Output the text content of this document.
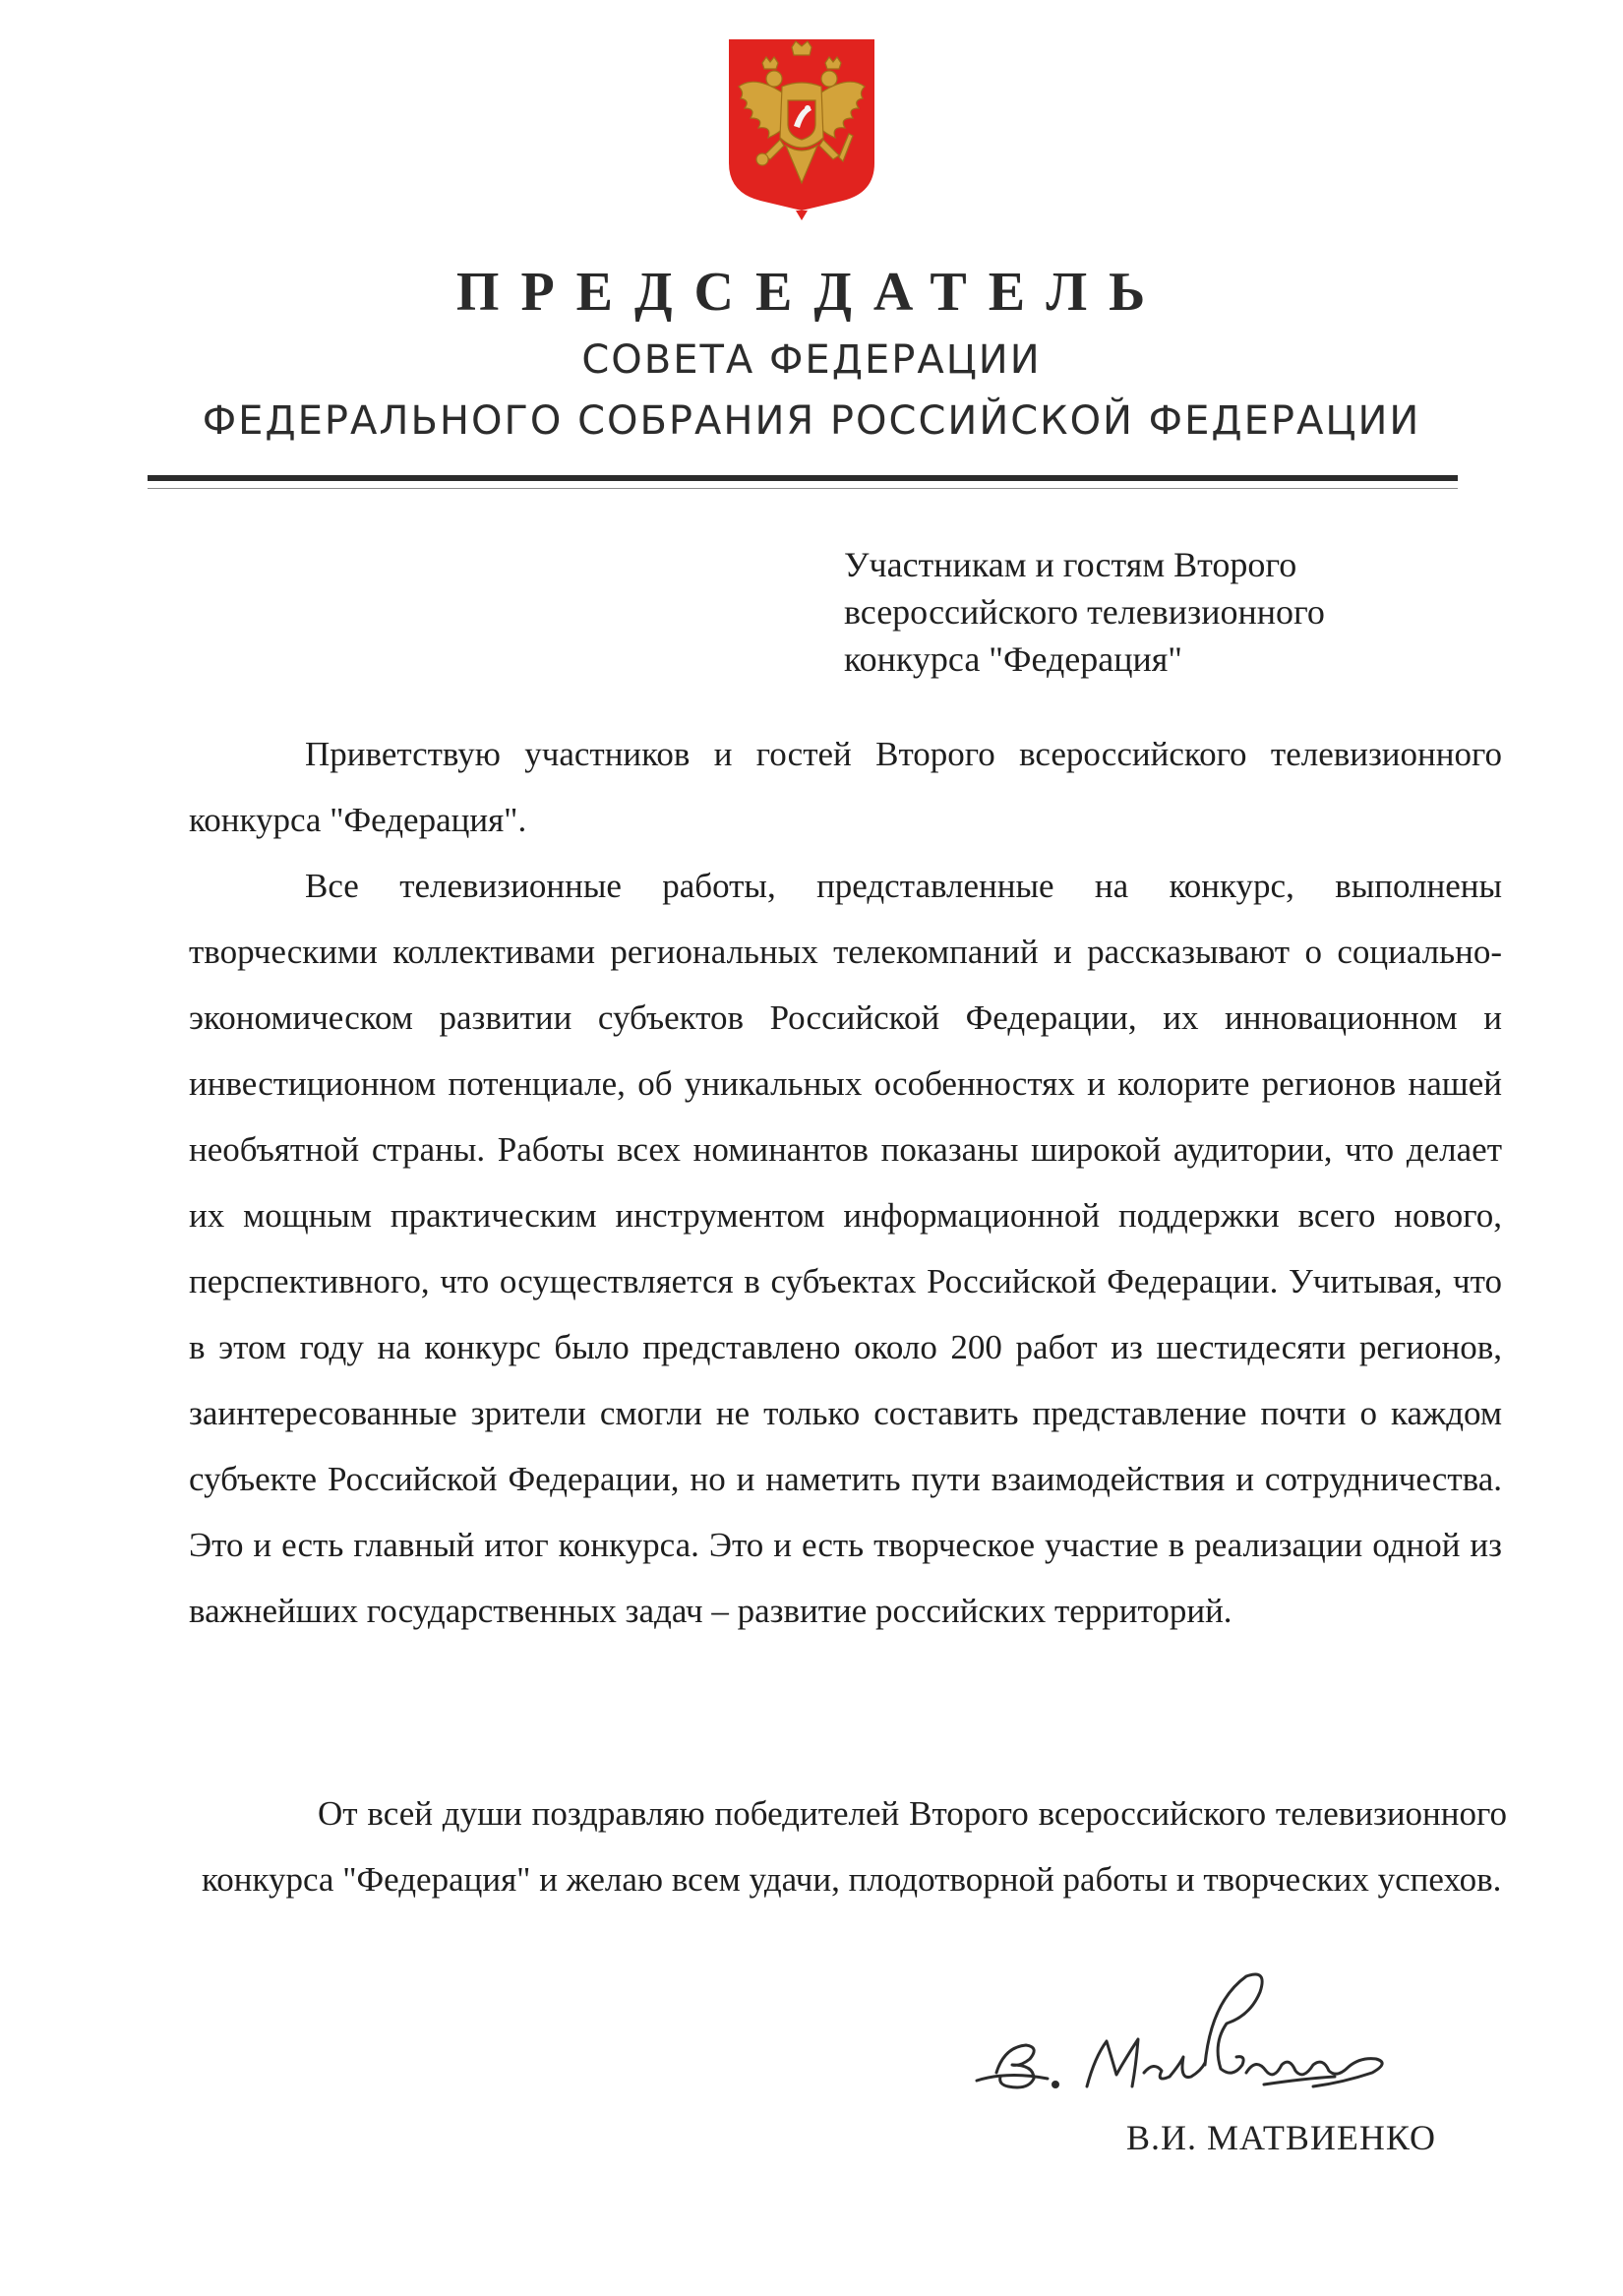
ПРЕДСЕДАТЕЛЬ
СОВЕТА ФЕДЕРАЦИИ
ФЕДЕРАЛЬНОГО СОБРАНИЯ РОССИЙСКОЙ ФЕДЕРАЦИИ
Участникам и гостям Второго
всероссийского телевизионного
конкурса "Федерация"

Приветствую участников и гостей Второго всероссийского телевизионного конкурса "Федерация".

Все телевизионные работы, представленные на конкурс, выполнены творческими коллективами региональных телекомпаний и рассказывают о социально-экономическом развитии субъектов Российской Федерации, их инновационном и инвестиционном потенциале, об уникальных особенностях и колорите регионов нашей необъятной страны. Работы всех номинантов показаны широкой аудитории, что делает их мощным практическим инструментом информационной поддержки всего нового, перспективного, что осуществляется в субъектах Российской Федерации. Учитывая, что в этом году на конкурс было представлено около 200 работ из шестидесяти регионов, заинтересованные зрители смогли не только составить представление почти о каждом субъекте Российской Федерации, но и наметить пути взаимодействия и сотрудничества. Это и есть главный итог конкурса. Это и есть творческое участие в реализации одной из важнейших государственных задач – развитие российских территорий.

От всей души поздравляю победителей Второго всероссийского телевизионного конкурса "Федерация" и желаю всем удачи, плодотворной работы и творческих успехов.

В.И. МАТВИЕНКО
